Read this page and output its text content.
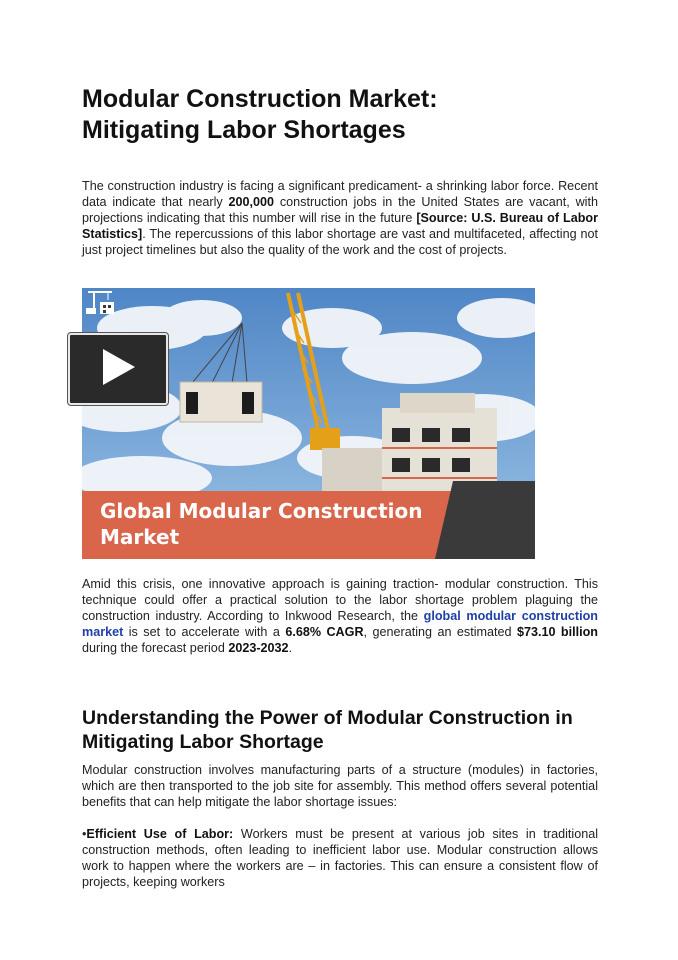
Modular Construction Market:
Mitigating Labor Shortages

The construction industry is facing a significant predicament- a shrinking labor force. Recent data indicate that nearly 200,000 construction jobs in the United States are vacant, with projections indicating that this number will rise in the future [Source: U.S. Bureau of Labor Statistics]. The repercussions of this labor shortage are vast and multifaceted, affecting not just project timelines but also the quality of the work and the cost of projects.

Global Modular Construction
Market

Amid this crisis, one innovative approach is gaining traction- modular construction. This technique could offer a practical solution to the labor shortage problem plaguing the construction industry. According to Inkwood Research, the global modular construction market is set to accelerate with a 6.68% CAGR, generating an estimated $73.10 billion during the forecast period 2023-2032.

Understanding the Power of Modular Construction in Mitigating Labor Shortage

Modular construction involves manufacturing parts of a structure (modules) in factories, which are then transported to the job site for assembly. This method offers several potential benefits that can help mitigate the labor shortage issues:

•Efficient Use of Labor: Workers must be present at various job sites in traditional construction methods, often leading to inefficient labor use. Modular construction allows work to happen where the workers are – in factories. This can ensure a consistent flow of projects, keeping workers
